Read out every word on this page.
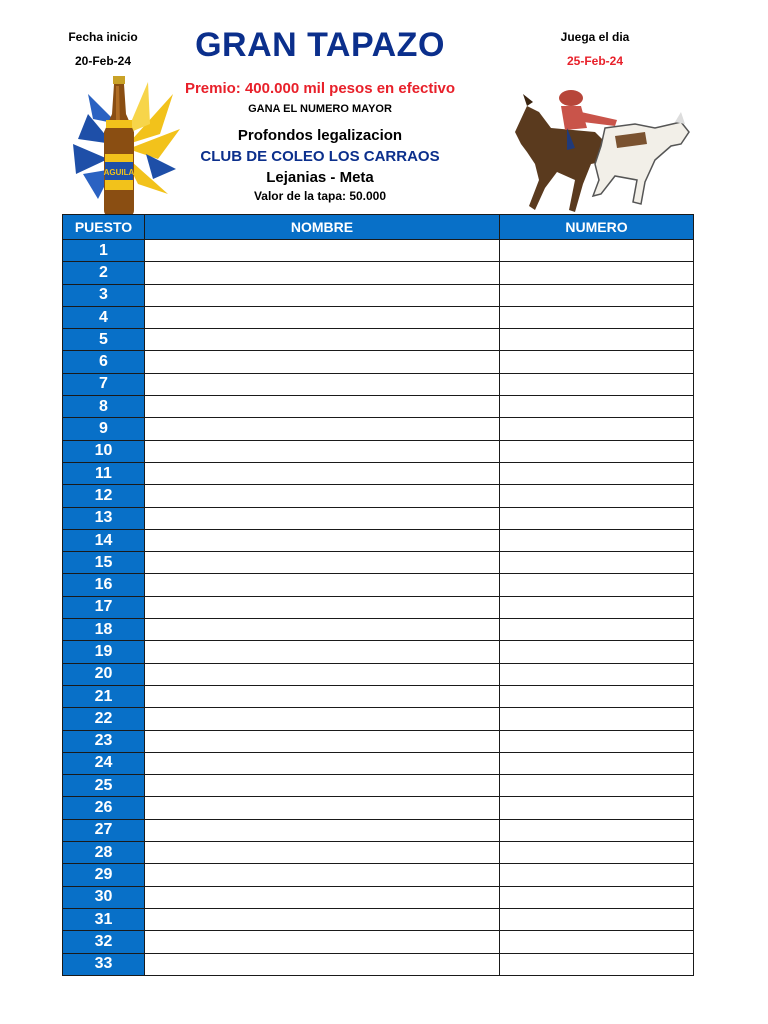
Fecha inicio
20-Feb-24
Juega el dia
25-Feb-24
GRAN TAPAZO
Premio: 400.000 mil pesos en efectivo
GANA EL NUMERO MAYOR
Profondos legalizacion
CLUB DE COLEO LOS CARRAOS
Lejanias - Meta
Valor de la tapa: 50.000
AGUILA
PUESTO	NOMBRE	NUMERO
1		
2		
3		
4		
5		
6		
7		
8		
9		
10		
11		
12		
13		
14		
15		
16		
17		
18		
19		
20		
21		
22		
23		
24		
25		
26		
27		
28		
29		
30		
31		
32		
33		
